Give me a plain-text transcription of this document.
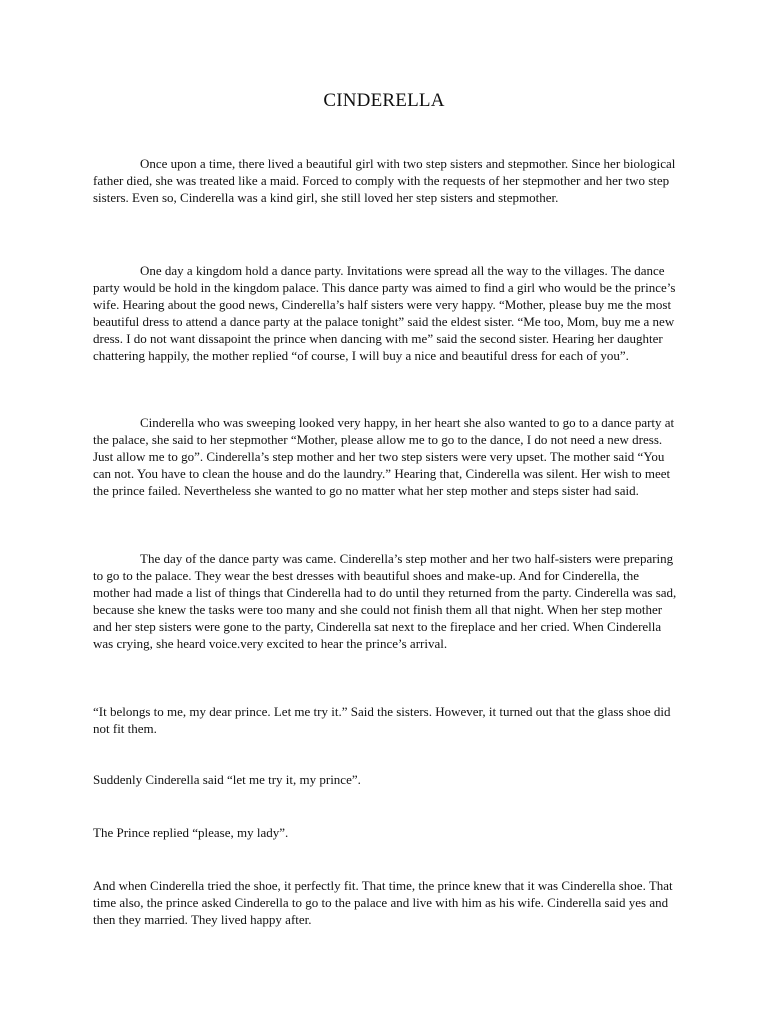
CINDERELLA

Once upon a time, there lived a beautiful girl with two step sisters and stepmother. Since her biological father died, she was treated like a maid. Forced to comply with the requests of her stepmother and her two step sisters. Even so, Cinderella was a kind girl, she still loved her step sisters and stepmother.

One day a kingdom hold a dance party. Invitations were spread all the way to the villages. The dance party would be hold in the kingdom palace. This dance party was aimed to find a girl who would be the prince’s wife. Hearing about the good news, Cinderella’s half sisters were very happy. “Mother, please buy me the most beautiful dress to attend a dance party at the palace tonight” said the eldest sister. “Me too, Mom, buy me a new dress. I do not want dissapoint the prince when dancing with me” said the second sister. Hearing her daughter chattering happily, the mother replied “of course, I will buy a nice and beautiful dress for each of you”.

Cinderella who was sweeping looked very happy, in her heart she also wanted to go to a dance party at the palace, she said to her stepmother “Mother, please allow me to go to the dance, I do not need a new dress. Just allow me to go”. Cinderella’s step mother and her two step sisters were very upset. The mother said “You can not. You have to clean the house and do the laundry.” Hearing that, Cinderella was silent. Her wish to meet the prince failed. Nevertheless she wanted to go no matter what her step mother and steps sister had said.

The day of the dance party was came. Cinderella’s step mother and her two half-sisters were preparing to go to the palace. They wear the best dresses with beautiful shoes and make-up. And for Cinderella, the mother had made a list of things that Cinderella had to do until they returned from the party. Cinderella was sad, because she knew the tasks were too many and she could not finish them all that night. When her step mother and her step sisters were gone to the party, Cinderella sat next to the fireplace and her cried. When Cinderella was crying, she heard voice.very excited to hear the prince’s arrival.

“It belongs to me, my dear prince. Let me try it.” Said the sisters. However, it turned out that the glass shoe did not fit them.

Suddenly Cinderella said “let me try it, my prince”.

The Prince replied “please, my lady”.

And when Cinderella tried the shoe, it perfectly fit. That time, the prince knew that it was Cinderella shoe. That time also, the prince asked Cinderella to go to the palace and live with him as his wife. Cinderella said yes and then they married. They lived happy after.
